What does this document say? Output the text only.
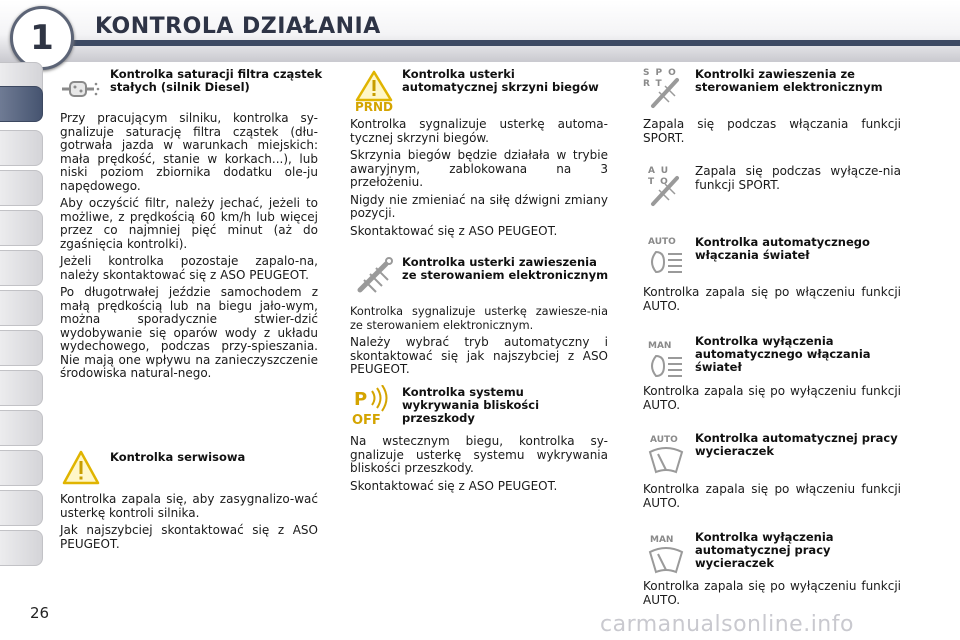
1	KONTROLA DZIAŁANIA
Kontrolka saturacji filtra cząstek stałych (silnik Diesel)

Przy pracującym silniku, kontrolka sy-gnalizuje saturację filtra cząstek (dłu-gotrwała jazda w warunkach miejskich: mała prędkość, stanie w korkach...), lub niski poziom zbiornika dodatku ole-ju napędowego.

Aby oczyścić filtr, należy jechać, jeżeli to możliwe, z prędkością 60 km/h lub więcej przez co najmniej pięć minut (aż do zgaśnięcia kontrolki).

Jeżeli kontrolka pozostaje zapalo-na, należy skontaktować się z ASO PEUGEOT.

Po długotrwałej jeździe samochodem z małą prędkością lub na biegu jało-wym, można sporadycznie stwier-dzić wydobywanie się oparów wody z układu wydechowego, podczas przy-spieszania. Nie mają one wpływu na zanieczyszczenie środowiska natural-nego.

Kontrolka serwisowa

Kontrolka zapala się, aby zasygnalizo-wać usterkę kontroli silnika.

Jak najszybciej skontaktować się z ASO PEUGEOT.

PRND
Kontrolka usterki automatycznej skrzyni biegów

Kontrolka sygnalizuje usterkę automa-tycznej skrzyni biegów.

Skrzynia biegów będzie działała w trybie awaryjnym, zablokowana na 3 przełożeniu.

Nigdy nie zmieniać na siłę dźwigni zmiany pozycji.

Skontaktować się z ASO PEUGEOT.

Kontrolka usterki zawieszenia ze sterowaniem elektronicznym

Kontrolka sygnalizuje usterkę zawiesze-nia ze sterowaniem elektronicznym.

Należy wybrać tryb automatyczny i skontaktować się jak najszybciej z ASO PEUGEOT.

P
OFF
Kontrolka systemu wykrywania bliskości przeszkody

Na wstecznym biegu, kontrolka sy-gnalizuje usterkę systemu wykrywania bliskości przeszkody.

Skontaktować się z ASO PEUGEOT.

SPORT
Kontrolki zawieszenia ze sterowaniem elektronicznym

Zapala się podczas włączania funkcji SPORT.

AUTO

Zapala się podczas wyłącze-nia funkcji SPORT.

AUTO Kontrolka automatycznego włączania świateł

Kontrolka zapala się po włączeniu funkcji AUTO.

MAN Kontrolka wyłączenia automatycznego włączania świateł

Kontrolka zapala się po wyłączeniu funkcji AUTO.

AUTO Kontrolka automatycznej pracy wycieraczek

Kontrolka zapala się po włączeniu funkcji AUTO.

MAN Kontrolka wyłączenia automatycznej pracy wycieraczek

Kontrolka zapala się po wyłączeniu funkcji AUTO.

26	carmanualsonline.info
